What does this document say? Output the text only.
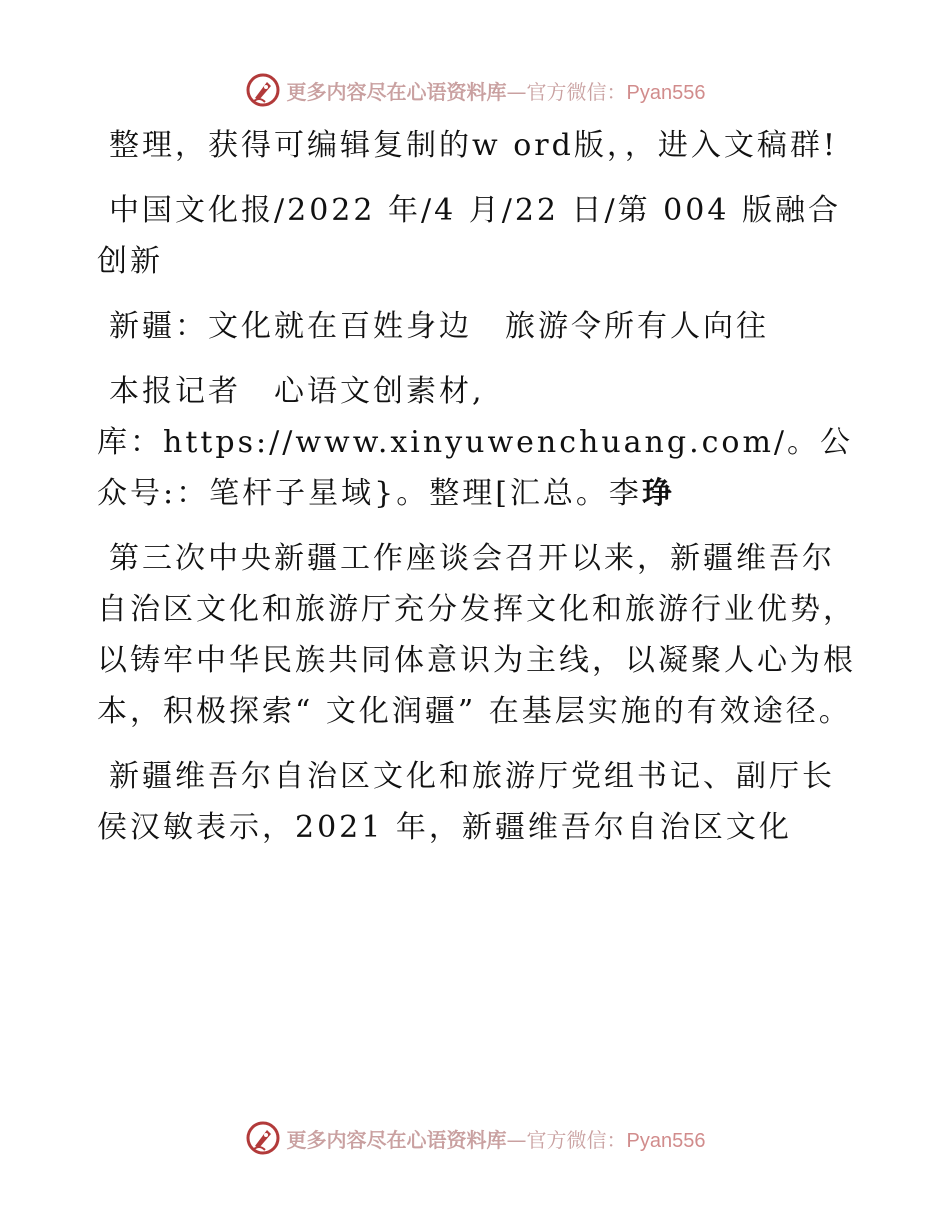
更多内容尽在心语资料库—官方微信：Pyan556

整理，获得可编辑复制的w ord版，，进入文稿群!

中国文化报/2022 年/4 月/22 日/第 004 版融合创新

新疆：文化就在百姓身边　旅游令所有人向往

本报记者　心语文创素材,

库：https://www.xinyuwenchuang.com/。公众号:：笔杆子星域}。整理[汇总。李琤

第三次中央新疆工作座谈会召开以来，新疆维吾尔自治区文化和旅游厅充分发挥文化和旅游行业优势，以铸牢中华民族共同体意识为主线，以凝聚人心为根本，积极探索“ 文化润疆” 在基层实施的有效途径。

新疆维吾尔自治区文化和旅游厅党组书记、副厅长侯汉敏表示，2021 年，新疆维吾尔自治区文化

更多内容尽在心语资料库—官方微信：Pyan556
